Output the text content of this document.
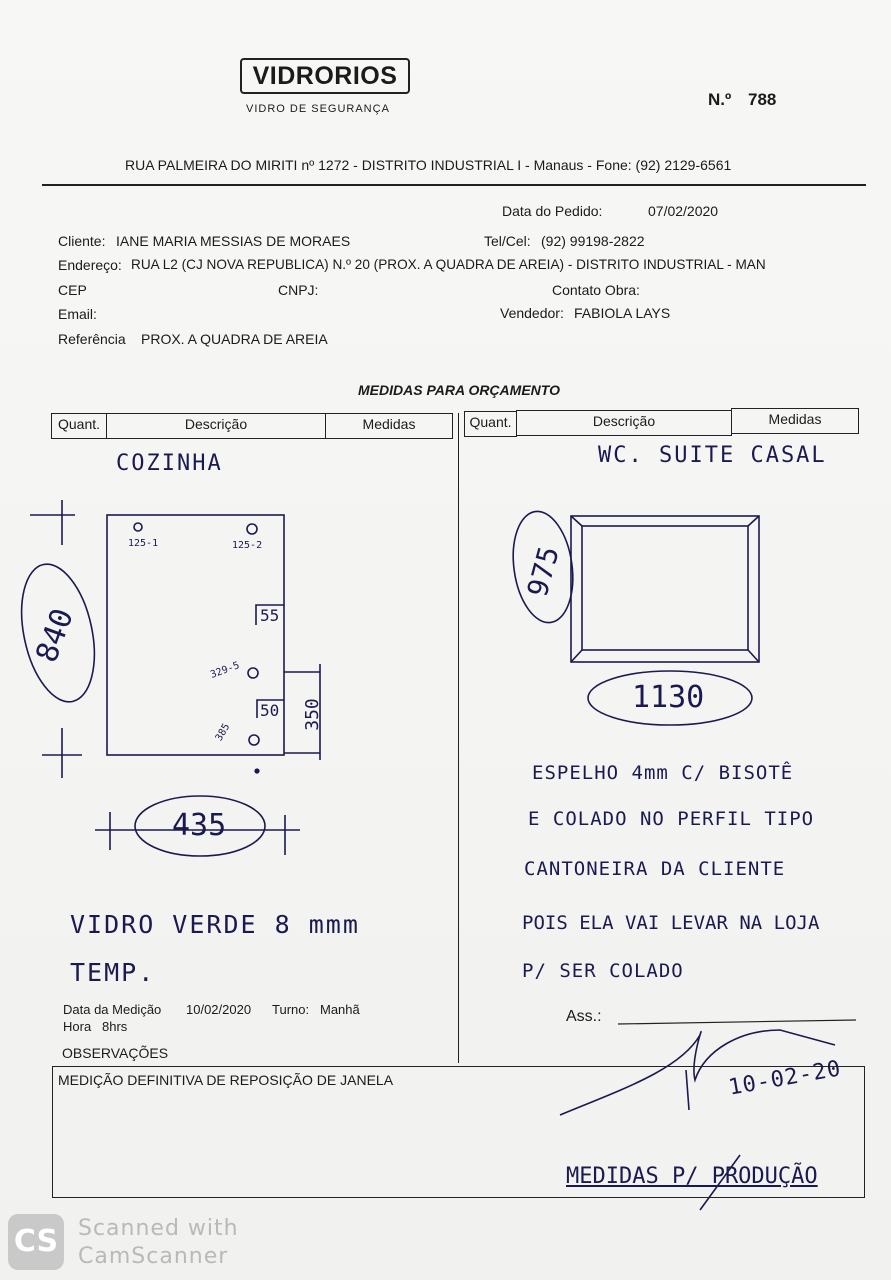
VIDRORIOS
VIDRO DE SEGURANÇA	N.º 788
RUA PALMEIRA DO MIRITI nº 1272 - DISTRITO INDUSTRIAL I - Manaus - Fone: (92) 2129-6561
Data do Pedido:	07/02/2020
Cliente: IANE MARIA MESSIAS DE MORAES	Tel/Cel: (92) 99198-2822
Endereço: RUA L2 (CJ NOVA REPUBLICA) N.º 20 (PROX. A QUADRA DE AREIA) - DISTRITO INDUSTRIAL - MAN
CEP	CNPJ:	Contato Obra:
Email:	Vendedor: FABIOLA LAYS
Referência PROX. A QUADRA DE AREIA
MEDIDAS PARA ORÇAMENTO
Quant.	Descrição	Medidas	Quant.	Descrição	Medidas
COZINHA
125-1	125-2
329-5
385
55
50 350
840
435
VIDRO VERDE 8 mmm
TEMP.
WC. SUITE CASAL
975
1130
ESPELHO 4mm C/ BISOTÊ
E COLADO NO PERFIL TIPO
CANTONEIRA DA CLIENTE
POIS ELA VAI LEVAR NA LOJA
P/ SER COLADO
Ass.:
10-02-20
Data da Medição 10/02/2020 Turno: Manhã
Hora 8hrs
OBSERVAÇÕES
MEDIÇÃO DEFINITIVA DE REPOSIÇÃO DE JANELA
MEDIDAS P/ PRODUÇÃO
CS Scanned with
CamScanner
